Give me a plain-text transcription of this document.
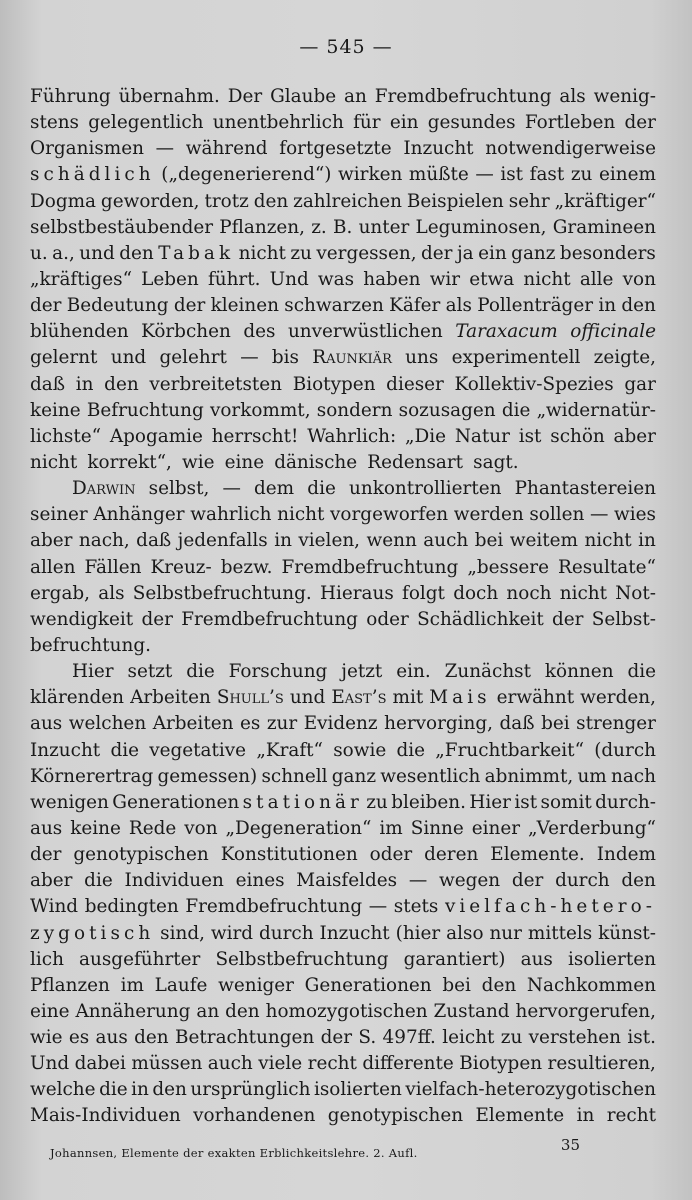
— 545 —
Führung übernahm. Der Glaube an Fremdbefruchtung als wenig-
stens gelegentlich unentbehrlich für ein gesundes Fortleben der
Organismen — während fortgesetzte Inzucht notwendigerweise
schädlich („degenerierend“) wirken müßte — ist fast zu einem
Dogma geworden, trotz den zahlreichen Beispielen sehr „kräftiger“
selbstbestäubender Pflanzen, z. B. unter Leguminosen, Gramineen
u. a., und den Tabak nicht zu vergessen, der ja ein ganz besonders
„kräftiges“ Leben führt. Und was haben wir etwa nicht alle von
der Bedeutung der kleinen schwarzen Käfer als Pollenträger in den
blühenden Körbchen des unverwüstlichen Taraxacum officinale
gelernt und gelehrt — bis Raunkiär uns experimentell zeigte,
daß in den verbreitetsten Biotypen dieser Kollektiv-Spezies gar
keine Befruchtung vorkommt, sondern sozusagen die „widernatür-
lichste“ Apogamie herrscht! Wahrlich: „Die Natur ist schön aber
nicht korrekt“, wie eine dänische Redensart sagt.
Darwin selbst, — dem die unkontrollierten Phantastereien
seiner Anhänger wahrlich nicht vorgeworfen werden sollen — wies
aber nach, daß jedenfalls in vielen, wenn auch bei weitem nicht in
allen Fällen Kreuz- bezw. Fremdbefruchtung „bessere Resultate“
ergab, als Selbstbefruchtung. Hieraus folgt doch noch nicht Not-
wendigkeit der Fremdbefruchtung oder Schädlichkeit der Selbst-
befruchtung.
Hier setzt die Forschung jetzt ein. Zunächst können die
klärenden Arbeiten Shull’s und East’s mit Mais erwähnt werden,
aus welchen Arbeiten es zur Evidenz hervorging, daß bei strenger
Inzucht die vegetative „Kraft“ sowie die „Fruchtbarkeit“ (durch
Körnerertrag gemessen) schnell ganz wesentlich abnimmt, um nach
wenigen Generationen stationär zu bleiben. Hier ist somit durch-
aus keine Rede von „Degeneration“ im Sinne einer „Verderbung“
der genotypischen Konstitutionen oder deren Elemente. Indem
aber die Individuen eines Maisfeldes — wegen der durch den
Wind bedingten Fremdbefruchtung — stets vielfach-hetero-
zygotisch sind, wird durch Inzucht (hier also nur mittels künst-
lich ausgeführter Selbstbefruchtung garantiert) aus isolierten
Pflanzen im Laufe weniger Generationen bei den Nachkommen
eine Annäherung an den homozygotischen Zustand hervorgerufen,
wie es aus den Betrachtungen der S. 497ff. leicht zu verstehen ist.
Und dabei müssen auch viele recht differente Biotypen resultieren,
welche die in den ursprünglich isolierten vielfach-heterozygotischen
Mais-Individuen vorhandenen genotypischen Elemente in recht
Johannsen, Elemente der exakten Erblichkeitslehre. 2. Aufl.	35
